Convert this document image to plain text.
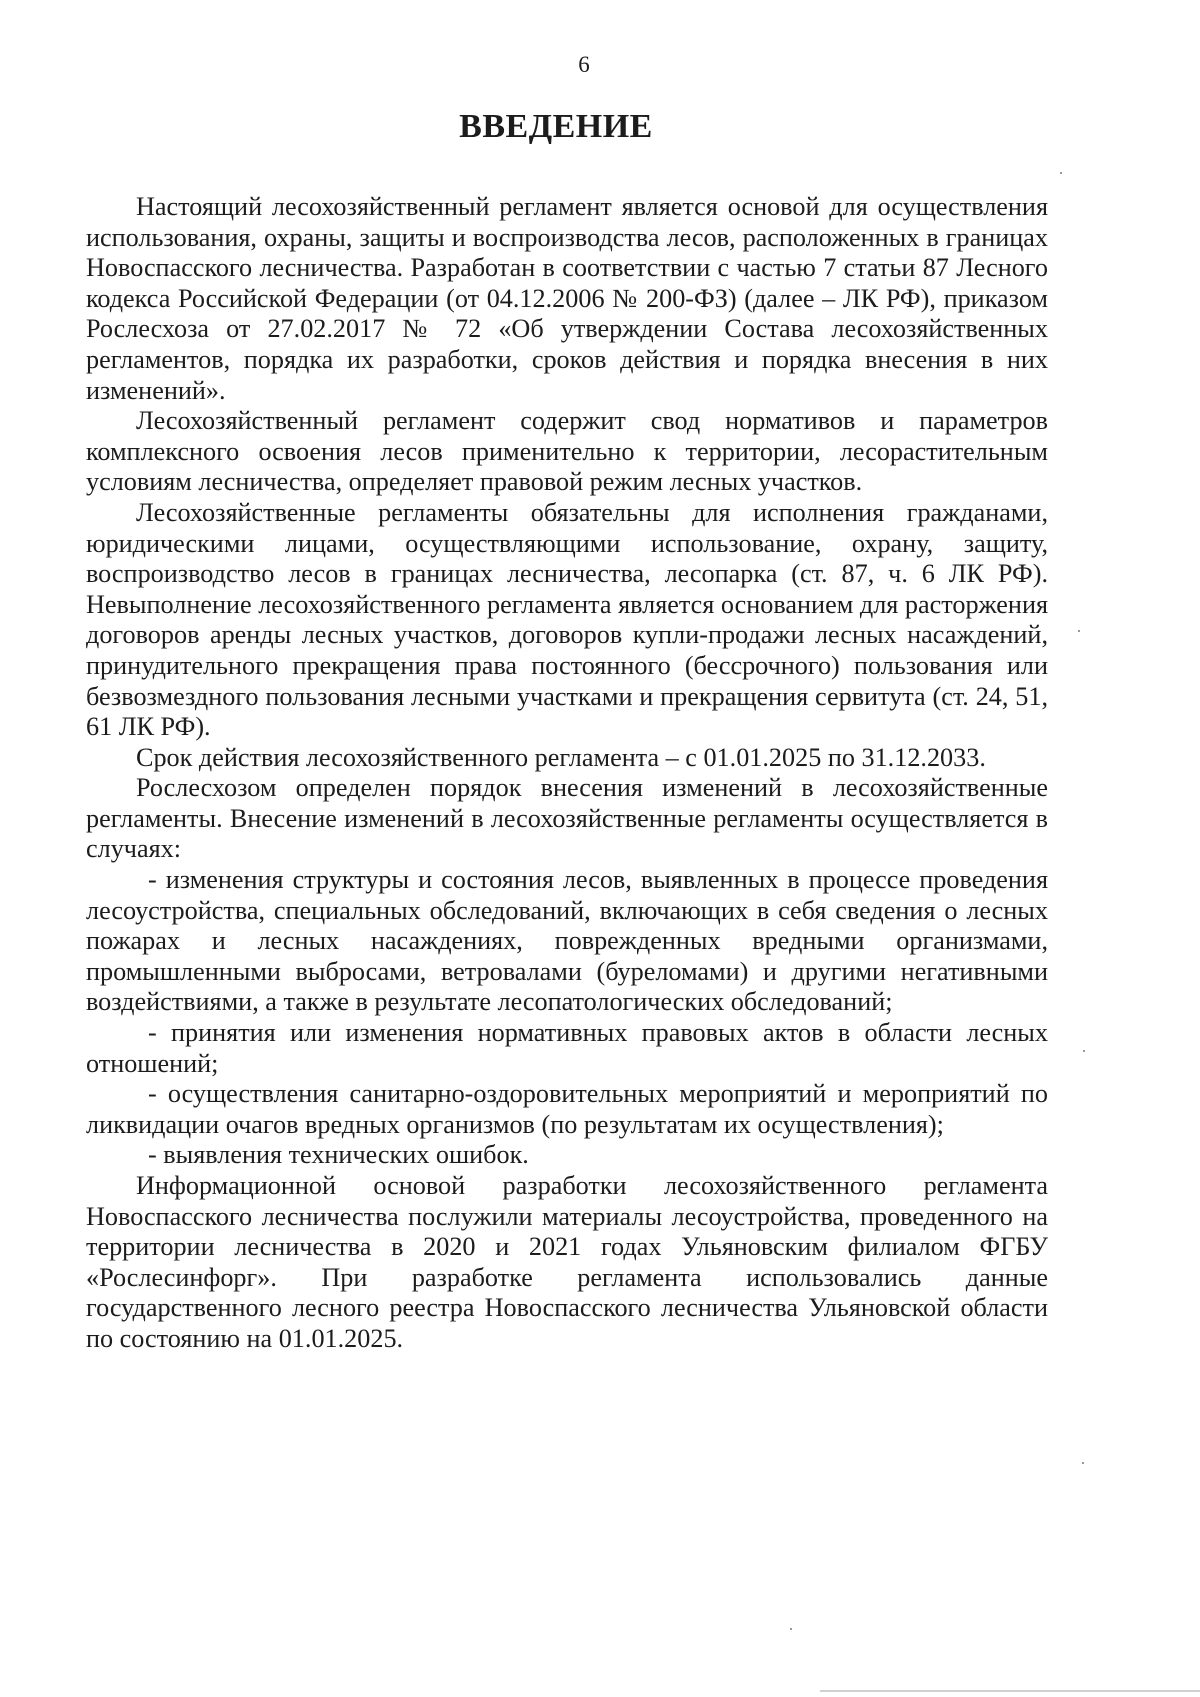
6
ВВЕДЕНИЕ

Настоящий лесохозяйственный регламент является основой для осуществления использования, охраны, защиты и воспроизводства лесов, расположенных в границах Новоспасского лесничества. Разработан в соответствии с частью 7 статьи 87 Лесного кодекса Российской Федерации (от 04.12.2006 № 200-ФЗ) (далее – ЛК РФ), приказом Рослесхоза от 27.02.2017 № 72 «Об утверждении Состава лесохозяйственных регламентов, порядка их разработки, сроков действия и порядка внесения в них изменений».

Лесохозяйственный регламент содержит свод нормативов и параметров комплексного освоения лесов применительно к территории, лесорастительным условиям лесничества, определяет правовой режим лесных участков.

Лесохозяйственные регламенты обязательны для исполнения гражданами, юридическими лицами, осуществляющими использование, охрану, защиту, воспроизводство лесов в границах лесничества, лесопарка (ст. 87, ч. 6 ЛК РФ). Невыполнение лесохозяйственного регламента является основанием для расторжения договоров аренды лесных участков, договоров купли-продажи лесных насаждений, принудительного прекращения права постоянного (бессрочного) пользования или безвозмездного пользования лесными участками и прекращения сервитута (ст. 24, 51, 61 ЛК РФ).

Срок действия лесохозяйственного регламента – с 01.01.2025 по 31.12.2033.

Рослесхозом определен порядок внесения изменений в лесохозяйственные регламенты. Внесение изменений в лесохозяйственные регламенты осуществляется в случаях:

- изменения структуры и состояния лесов, выявленных в процессе проведения лесоустройства, специальных обследований, включающих в себя сведения о лесных пожарах и лесных насаждениях, поврежденных вредными организмами, промышленными выбросами, ветровалами (буреломами) и другими негативными воздействиями, а также в результате лесопатологических обследований;
- принятия или изменения нормативных правовых актов в области лесных отношений;
- осуществления санитарно-оздоровительных мероприятий и мероприятий по ликвидации очагов вредных организмов (по результатам их осуществления);
- выявления технических ошибок.

Информационной основой разработки лесохозяйственного регламента Новоспасского лесничества послужили материалы лесоустройства, проведенного на территории лесничества в 2020 и 2021 годах Ульяновским филиалом ФГБУ «Рослесинфорг». При разработке регламента использовались данные государственного лесного реестра Новоспасского лесничества Ульяновской области по состоянию на 01.01.2025.
